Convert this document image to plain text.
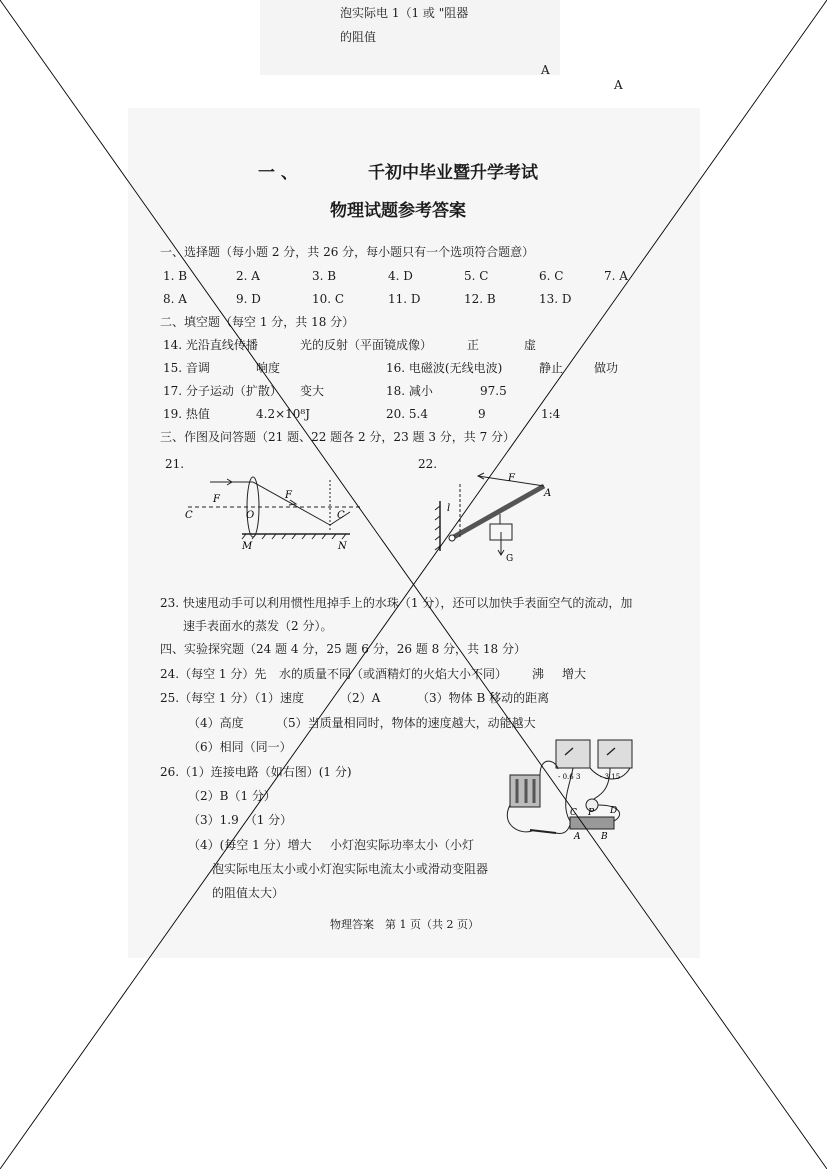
泡实际电 1（1 或 "阻器
的阻值
A
A
一 、	千初中毕业暨升学考试
物理试题参考答案
一、选择题（每小题 2 分，共 26 分，每小题只有一个选项符合题意）
1. B	2. A	3. B	4. D	5. C	6. C	7. A
8. A	9. D	10. C	11. D	12. B	13. D
二、填空题（每空 1 分，共 18 分）
14. 光沿直线传播	光的反射（平面镜成像）	正	虚
15. 音调	响度	16. 电磁波(无线电波)	静止	做功
17. 分子运动（扩散） 变大	18. 减小	97.5
19. 热值	4.2×10⁸J	20. 5.4	9	1:4
三、作图及问答题（21 题、22 题各 2 分，23 题 3 分，共 7 分）
21.	22.
F	F
O
C	C
M	N
F
A
l
G
23. 快速甩动手可以利用惯性甩掉手上的水珠（1 分），还可以加快手表面空气的流动，加
速手表面水的蒸发（2 分）。
四、实验探究题（24 题 4 分，25 题 6 分，26 题 8 分，共 18 分）
24.（每空 1 分）先 水的质量不同（或酒精灯的火焰大小不同） 沸 增大
25.（每空 1 分）（1）速度	（2）A	（3）物体 B 移动的距离
（4）高度	（5）当质量相同时，物体的速度越大，动能越大
（6）相同（同一）
26.（1）连接电路（如右图）(1 分)
（2）B（1 分）
（3）1.9　（1 分）
（4）(每空 1 分）增大 小灯泡实际功率太小（小灯
泡实际电压太小或小灯泡实际电流太小或滑动变阻器
的阻值太大）
- 0.6 3	- 3 15
C P D
A B
物理答案　第 1 页（共 2 页）
